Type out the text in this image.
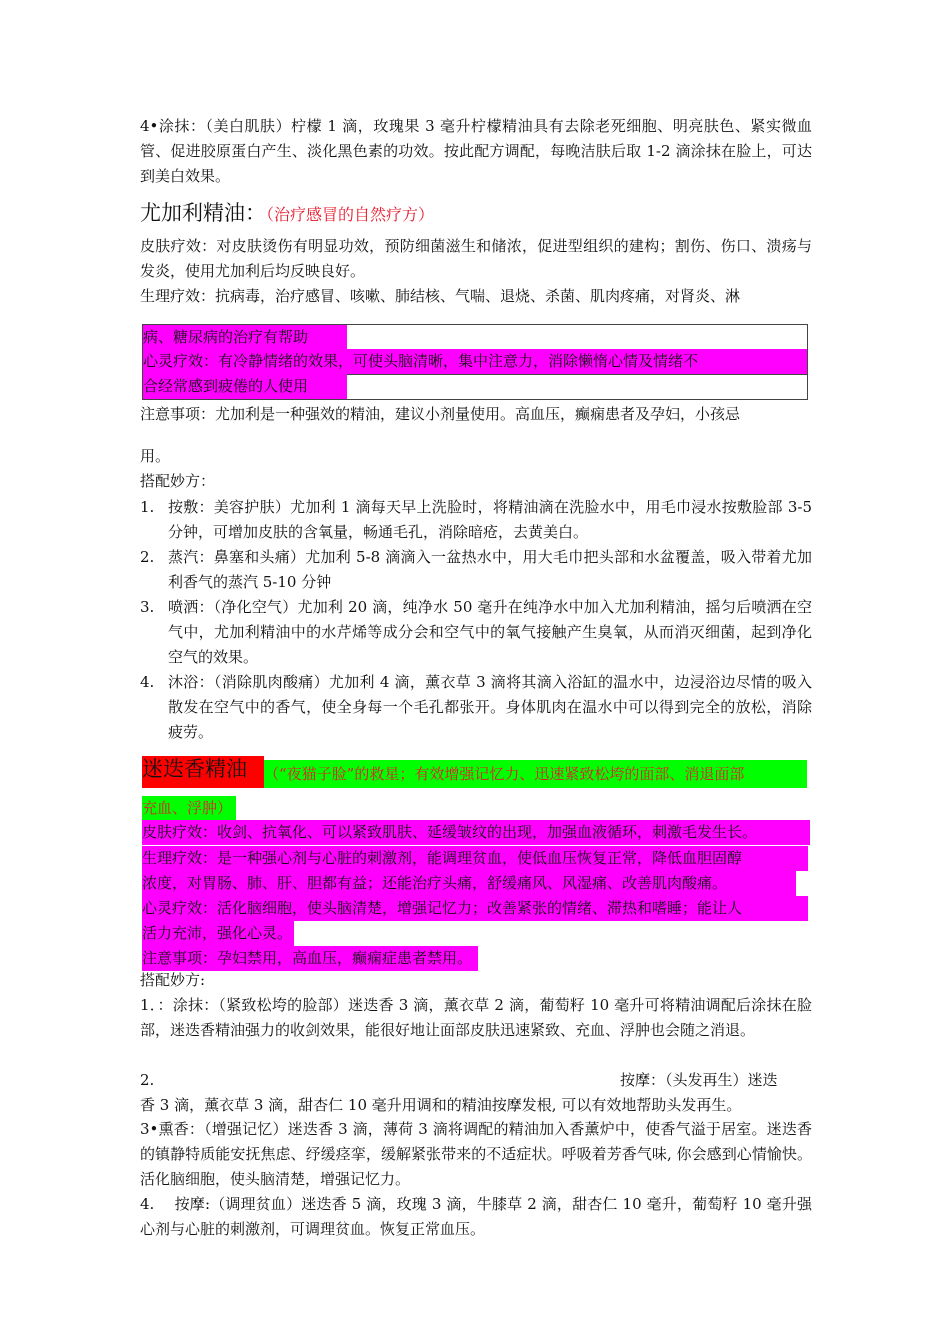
4•涂抹：（美白肌肤）柠檬 1 滴，玫瑰果 3 毫升柠檬精油具有去除老死细胞、明亮肤色、紧实微血管、促进胶原蛋白产生、淡化黑色素的功效。按此配方调配，每晚洁肤后取 1-2 滴涂抹在脸上，可达到美白效果。

尤加利精油：（治疗感冒的自然疗方）

皮肤疗效：对皮肤烫伤有明显功效，预防细菌滋生和储浓，促进型组织的建构；割伤、伤口、溃疡与发炎，使用尤加利后均反映良好。

生理疗效：抗病毒，治疗感冒、咳嗽、肺结核、气喘、退烧、杀菌、肌肉疼痛，对肾炎、淋

病、糖尿病的治疗有帮助
心灵疗效：有冷静情绪的效果，可使头脑清晰，集中注意力，消除懒惰心情及情绪不
合经常感到疲倦的人使用

注意事项：尤加利是一种强效的精油，建议小剂量使用。高血压，癫痫患者及孕妇，小孩忌

用。

搭配妙方：

1. 按敷：美容护肤）尤加利 1 滴每天早上洗脸时，将精油滴在洗脸水中，用毛巾浸水按敷脸部 3-5 分钟，可增加皮肤的含氧量，畅通毛孔，消除暗疮，去黄美白。
2. 蒸汽：鼻塞和头痛）尤加利 5-8 滴滴入一盆热水中，用大毛巾把头部和水盆覆盖，吸入带着尤加利香气的蒸汽 5-10 分钟
3. 喷洒：（净化空气）尤加利 20 滴，纯净水 50 毫升在纯净水中加入尤加利精油，摇匀后喷洒在空气中，尤加利精油中的水芹烯等成分会和空气中的氧气接触产生臭氧，从而消灭细菌，起到净化空气的效果。
4. 沐浴：（消除肌肉酸痛）尤加利 4 滴，薰衣草 3 滴将其滴入浴缸的温水中，边浸浴边尽情的吸入散发在空气中的香气，使全身每一个毛孔都张开。身体肌肉在温水中可以得到完全的放松，消除疲劳。
迷迭香精油	（“夜猫子脸”的救星；有效增强记忆力、迅速紧致松垮的面部、消退面部
充血、浮肿）
皮肤疗效：收剑、抗氧化、可以紧致肌肤、延缓皱纹的出现，加强血液循环，刺激毛发生长。
生理疗效：是一种强心剂与心脏的刺激剂，能调理贫血，使低血压恢复正常，降低血胆固醇
浓度，对胃肠、肺、肝、胆都有益；还能治疗头痛，舒缓痛风、风湿痛、改善肌肉酸痛。
心灵疗效：活化脑细胞，使头脑清楚，增强记忆力；改善紧张的情绪、滞热和嗜睡；能让人
活力充沛，强化心灵。
注意事项：孕妇禁用，高血压，癫痫症患者禁用。

搭配妙方:

1．：涂抹：（紧致松垮的脸部）迷迭香 3 滴，薰衣草 2 滴，葡萄籽 10 毫升可将精油调配后涂抹在脸部，迷迭香精油强力的收剑效果，能很好地让面部皮肤迅速紧致、充血、浮肿也会随之消退。

2.	按摩：（头发再生）迷迭

香 3 滴，薰衣草 3 滴，甜杏仁 10 毫升用调和的精油按摩发根, 可以有效地帮助头发再生。

3•熏香：（增强记忆）迷迭香 3 滴，薄荷 3 滴将调配的精油加入香薰炉中，使香气溢于居室。迷迭香的镇静特质能安抚焦虑、纾缓痉挛，缓解紧张带来的不适症状。呼吸着芳香气味, 你会感到心情愉快。活化脑细胞，使头脑清楚，增强记忆力。

4.　 按摩:（调理贫血）迷迭香 5 滴，玫瑰 3 滴，牛膝草 2 滴，甜杏仁 10 毫升，葡萄籽 10 毫升强心剂与心脏的刺激剂，可调理贫血。恢复正常血压。
